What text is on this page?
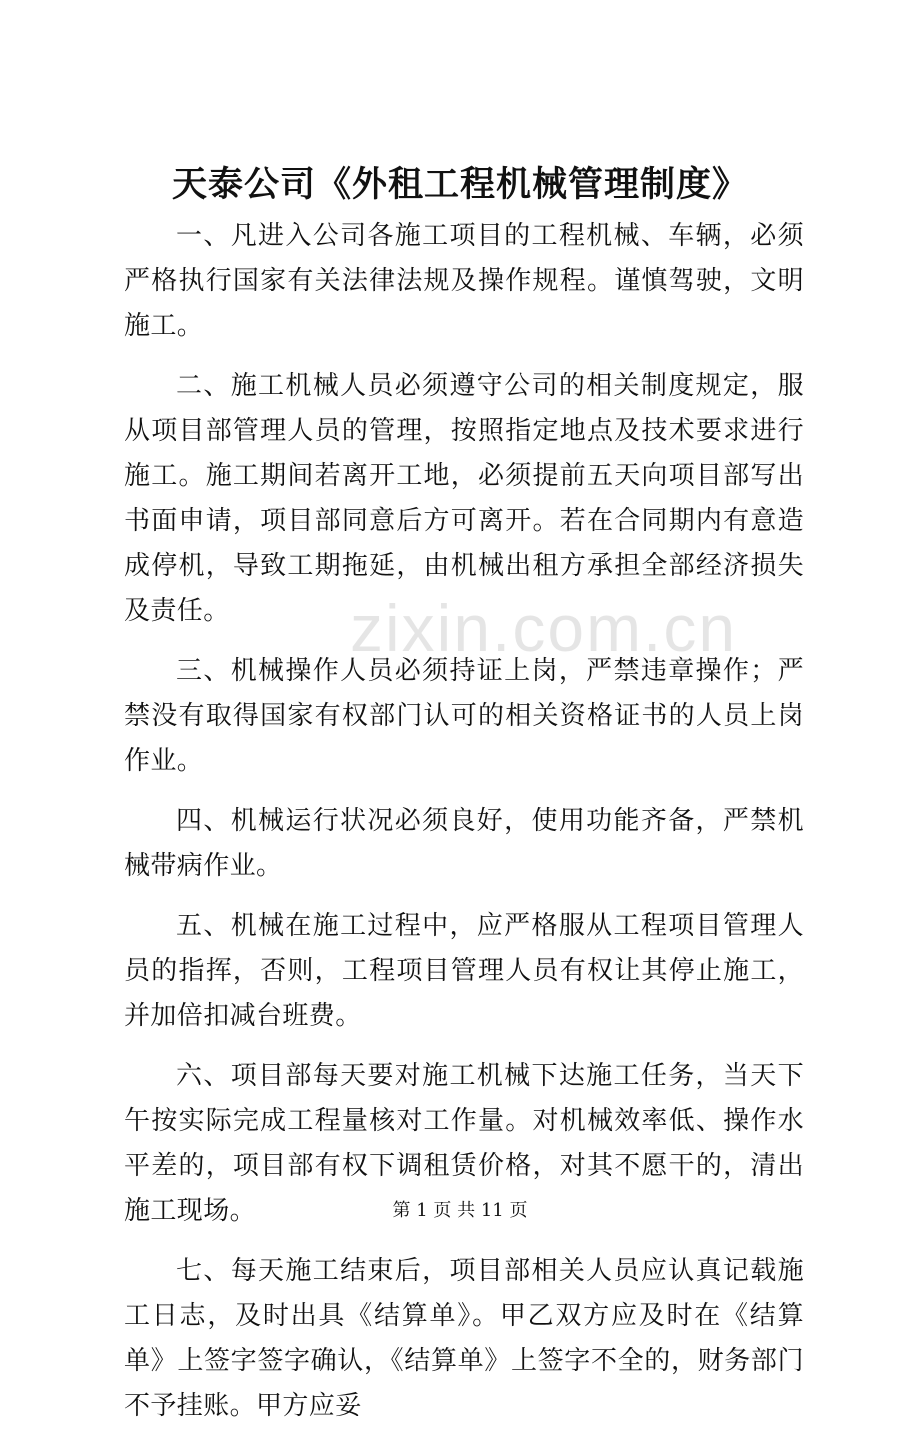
天泰公司《外租工程机械管理制度》

一、凡进入公司各施工项目的工程机械、车辆，必须严格执行国家有关法律法规及操作规程。谨慎驾驶，文明施工。

二、施工机械人员必须遵守公司的相关制度规定，服从项目部管理人员的管理，按照指定地点及技术要求进行施工。施工期间若离开工地，必须提前五天向项目部写出书面申请，项目部同意后方可离开。若在合同期内有意造成停机，导致工期拖延，由机械出租方承担全部经济损失及责任。

三、机械操作人员必须持证上岗，严禁违章操作；严禁没有取得国家有权部门认可的相关资格证书的人员上岗作业。

四、机械运行状况必须良好，使用功能齐备，严禁机械带病作业。

五、机械在施工过程中，应严格服从工程项目管理人员的指挥，否则，工程项目管理人员有权让其停止施工，并加倍扣减台班费。

六、项目部每天要对施工机械下达施工任务，当天下午按实际完成工程量核对工作量。对机械效率低、操作水平差的，项目部有权下调租赁价格，对其不愿干的，清出施工现场。

七、每天施工结束后，项目部相关人员应认真记载施工日志，及时出具《结算单》。甲乙双方应及时在《结算单》上签字签字确认，《结算单》上签字不全的，财务部门不予挂账。甲方应妥

zixin.com.cn
第 1 页 共 11 页
